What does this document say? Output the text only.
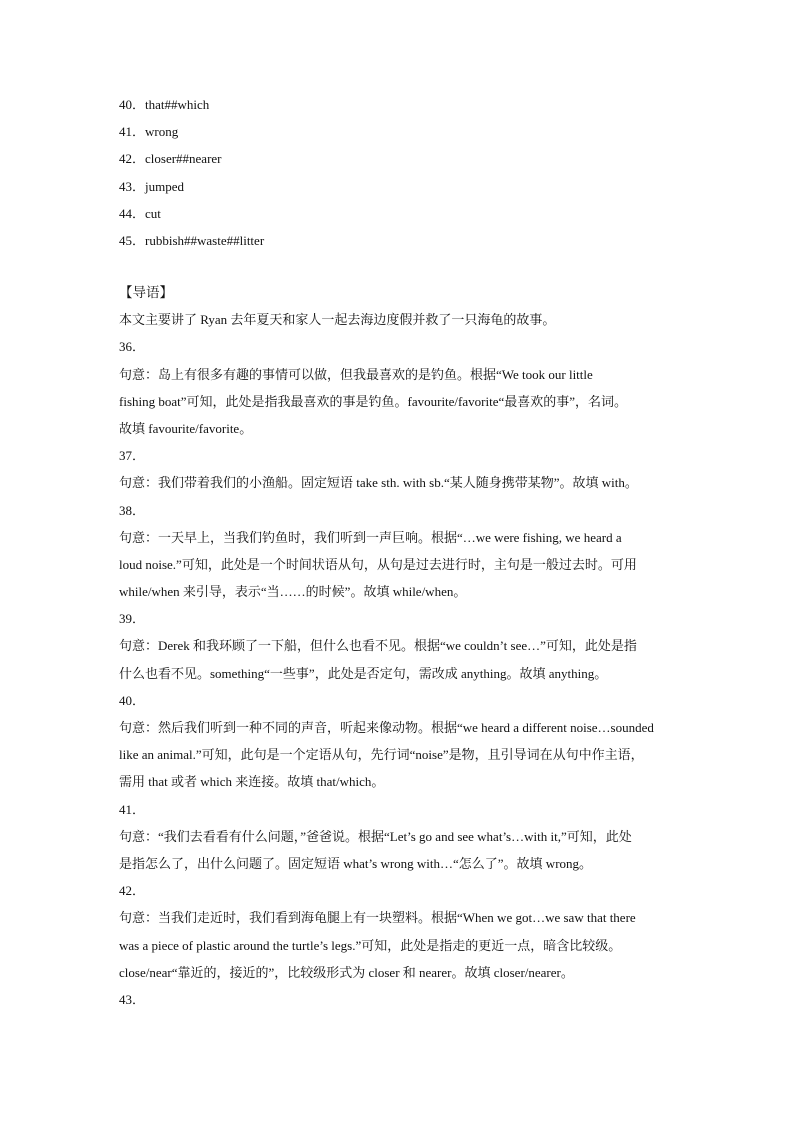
40．that##which
41．wrong
42．closer##nearer
43．jumped
44．cut
45．rubbish##waste##litter
【导语】
本文主要讲了 Ryan 去年夏天和家人一起去海边度假并救了一只海龟的故事。
36．
句意：岛上有很多有趣的事情可以做，但我最喜欢的是钓鱼。根据“We took our little
fishing boat”可知，此处是指我最喜欢的事是钓鱼。favourite/favorite“最喜欢的事”，名词。
故填 favourite/favorite。
37．
句意：我们带着我们的小渔船。固定短语 take sth. with sb.“某人随身携带某物”。故填 with。
38．
句意：一天早上，当我们钓鱼时，我们听到一声巨响。根据“…we were fishing, we heard a
loud noise.”可知，此处是一个时间状语从句，从句是过去进行时，主句是一般过去时。可用
while/when 来引导，表示“当……的时候”。故填 while/when。
39．
句意：Derek 和我环顾了一下船，但什么也看不见。根据“we couldn’t see…”可知，此处是指
什么也看不见。something“一些事”，此处是否定句，需改成 anything。故填 anything。
40．
句意：然后我们听到一种不同的声音，听起来像动物。根据“we heard a different noise…sounded
like an animal.”可知，此句是一个定语从句，先行词“noise”是物，且引导词在从句中作主语，
需用 that 或者 which 来连接。故填 that/which。
41．
句意：“我们去看看有什么问题，”爸爸说。根据“Let’s go and see what’s…with it,”可知，此处
是指怎么了，出什么问题了。固定短语 what’s wrong with…“怎么了”。故填 wrong。
42．
句意：当我们走近时，我们看到海龟腿上有一块塑料。根据“When we got…we saw that there
was a piece of plastic around the turtle’s legs.”可知，此处是指走的更近一点，暗含比较级。
close/near“靠近的，接近的”，比较级形式为 closer 和 nearer。故填 closer/nearer。
43．
